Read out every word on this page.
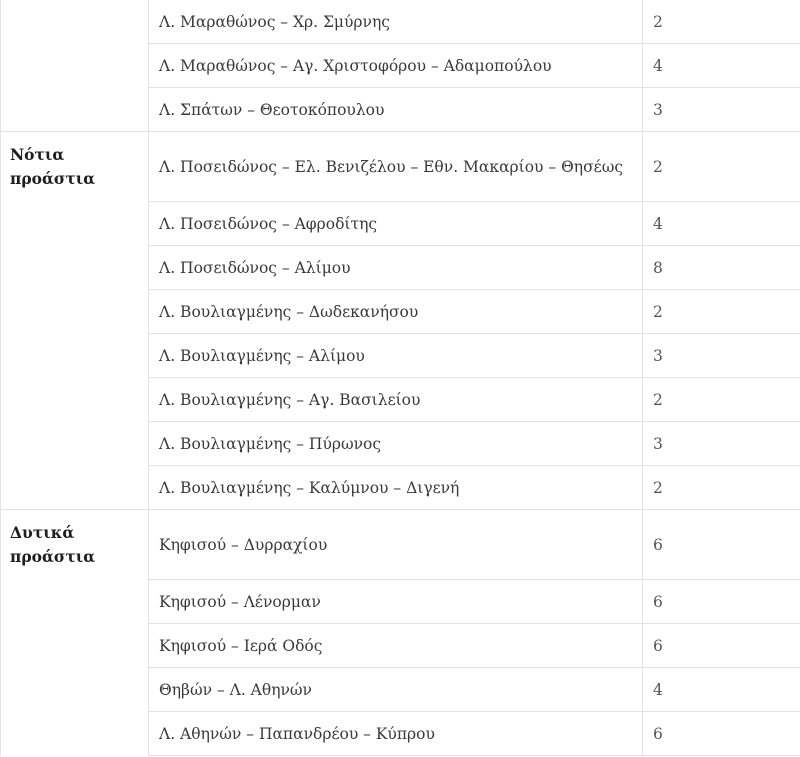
	Λ. Μαραθώνος – Χρ. Σμύρνης	2
	Λ. Μαραθώνος – Αγ. Χριστοφόρου – Αδαμοπούλου	4
	Λ. Σπάτων – Θεοτοκόπουλου	3
Νότια προάστια	Λ. Ποσειδώνος – Ελ. Βενιζέλου – Εθν. Μακαρίου – Θησέως	2
	Λ. Ποσειδώνος – Αφροδίτης	4
	Λ. Ποσειδώνος – Αλίμου	8
	Λ. Βουλιαγμένης – Δωδεκανήσου	2
	Λ. Βουλιαγμένης – Αλίμου	3
	Λ. Βουλιαγμένης – Αγ. Βασιλείου	2
	Λ. Βουλιαγμένης – Πύρωνος	3
	Λ. Βουλιαγμένης – Καλύμνου – Διγενή	2
Δυτικά προάστια	Κηφισού – Δυρραχίου	6
	Κηφισού – Λένορμαν	6
	Κηφισού – Ιερά Οδός	6
	Θηβών – Λ. Αθηνών	4
	Λ. Αθηνών – Παπανδρέου – Κύπρου	6
